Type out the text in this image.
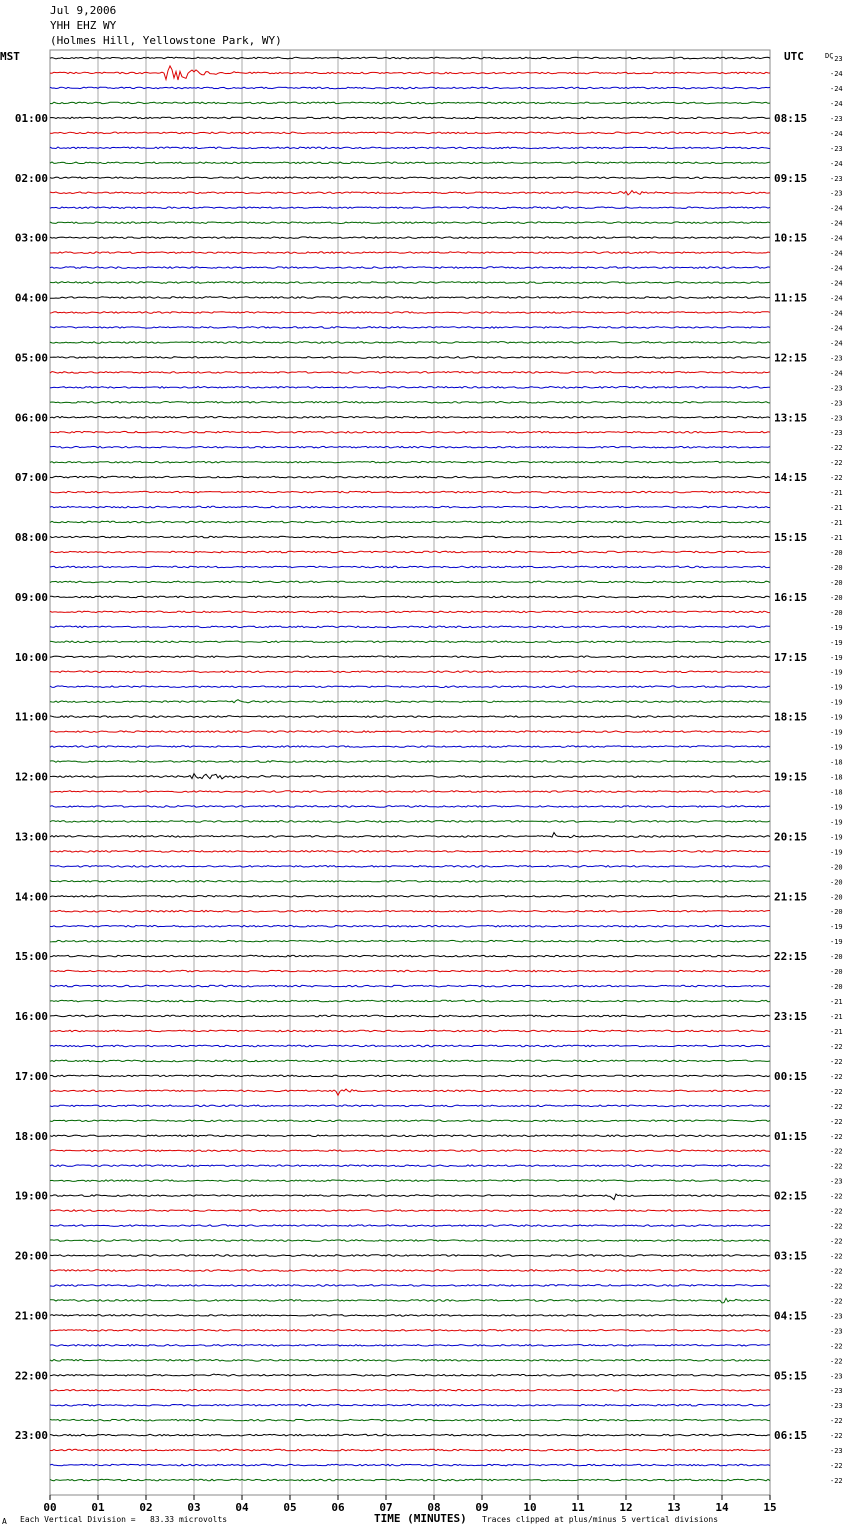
Jul 9,2006
YHH EHZ WY
(Holmes Hill, Yellowstone Park, WY)
MST	UTC	DC
00	01	02	03	04	05	06	07	08	09	10	11	12	13	14	15
-23
-24
-24
-24
-23
01:00	08:15
-24
-23
-24
-23
02:00	09:15
-23
-24
-24
-24
03:00	10:15
-24
-24
-24
-24
04:00	11:15
-24
-24
-24
-23
05:00	12:15
-24
-23
-23
-23
06:00	13:15
-23
-22
-22
-22
07:00	14:15
-21
-21
-21
-21
08:00	15:15
-20
-20
-20
-20
09:00	16:15
-20
-19
-19
-19
10:00	17:15
-19
-19
-19
-19
11:00	18:15
-19
-19
-18
-18
12:00	19:15
-18
-19
-19
-19
13:00	20:15
-19
-20
-20
-20
14:00	21:15
-20
-19
-19
-20
15:00	22:15
-20
-20
-21
-21
16:00	23:15
-21
-22
-22
-22
17:00	00:15
-22
-22
-22
-22
18:00	01:15
-22
-22
-23
-22
19:00	02:15
-22
-22
-22
-22
20:00	03:15
-22
-22
-22
-23
21:00	04:15
-23
-22
-22
-23
22:00	05:15
-23
-23
-22
-22
23:00	06:15
-23
-22
-22
A Each Vertical Division =   83.33 microvolts	TIME (MINUTES) Traces clipped at plus/minus 5 vertical divisions
